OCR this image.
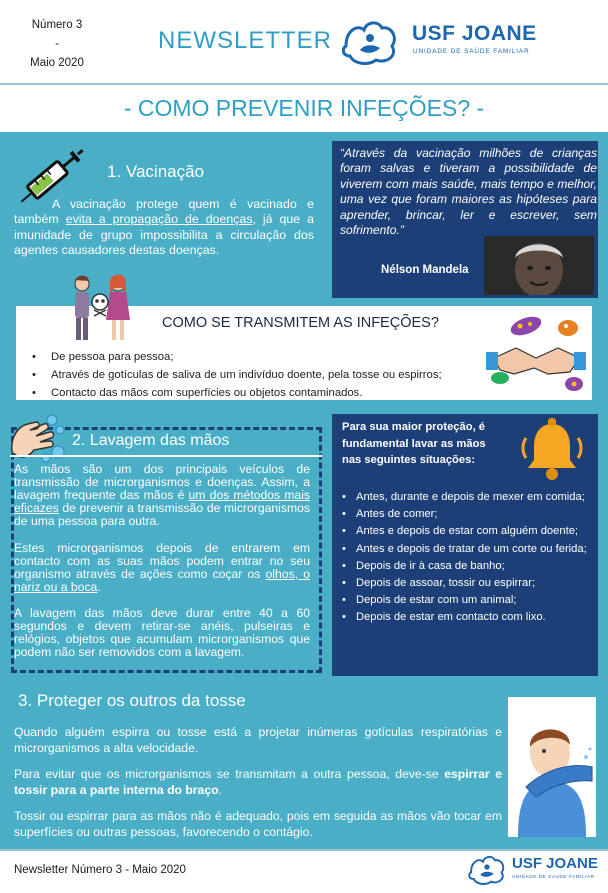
Número 3
-
Maio 2020
NEWSLETTER	USF JOANE
UNIDADE DE SAÚDE FAMILIAR
- COMO PREVENIR INFEÇÕES? -
1. Vacinação

A vacinação protege quem é vacinado e também evita a propagação de doenças, já que a imunidade de grupo impossibilita a circulação dos agentes causadores destas doenças.

“Através da vacinação milhões de crianças foram salvas e tiveram a possibilidade de viverem com mais saúde, mais tempo e melhor, uma vez que foram maiores as hipóteses para aprender, brincar, ler e escrever, sem sofrimento.”

Nélson Mandela
COMO SE TRANSMITEM AS INFEÇÕES?
• De pessoa para pessoa;
• Através de gotículas de saliva de um indivíduo doente, pela tosse ou espirros;
• Contacto das mãos com superfícies ou objetos contaminados.
2. Lavagem das mãos

As mãos são um dos principais veículos de transmissão de microrganismos e doenças. Assim, a lavagem frequente das mãos é um dos métodos mais eficazes de prevenir a transmissão de microrganismos de uma pessoa para outra.

Estes microrganismos depois de entrarem em contacto com as suas mãos podem entrar no seu organismo através de ações como coçar os olhos, o nariz ou a boca.

A lavagem das mãos deve durar entre 40 a 60 segundos e devem retirar-se anéis, pulseiras e relógios, objetos que acumulam microrganismos que podem não ser removidos com a lavagem.

Para sua maior proteção, é fundamental lavar as mãos nas seguintes situações:
• Antes, durante e depois de mexer em comida;
• Antes de comer;
• Antes e depois de estar com alguém doente;
• Antes e depois de tratar de um corte ou ferida;
• Depois de ir à casa de banho;
• Depois de assoar, tossir ou espirrar;
• Depois de estar com um animal;
• Depois de estar em contacto com lixo.
3. Proteger os outros da tosse

Quando alguém espirra ou tosse está a projetar inúmeras gotículas respiratórias e microrganismos a alta velocidade.

Para evitar que os microrganismos se transmitam a outra pessoa, deve-se espirrar e tossir para a parte interna do braço.

Tossir ou espirrar para as mãos não é adequado, pois em seguida as mãos vão tocar em superfícies ou outras pessoas, favorecendo o contágio.

Newsletter Número 3 - Maio 2020	USF JOANE
UNIDADE DE SAÚDE FAMILIAR
